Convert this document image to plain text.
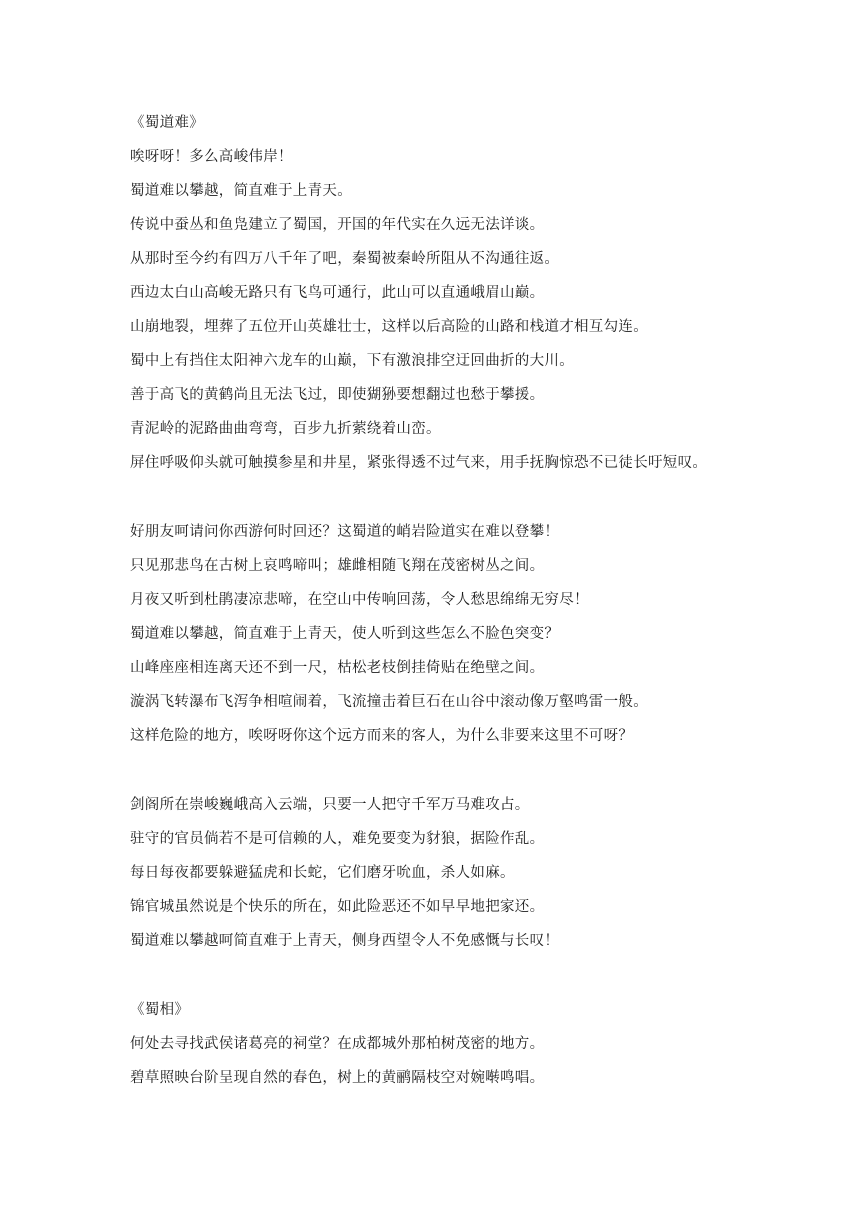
《蜀道难》
唉呀呀！多么高峻伟岸！
蜀道难以攀越，简直难于上青天。
传说中蚕丛和鱼凫建立了蜀国，开国的年代实在久远无法详谈。
从那时至今约有四万八千年了吧，秦蜀被秦岭所阻从不沟通往返。
西边太白山高峻无路只有飞鸟可通行，此山可以直通峨眉山巅。
山崩地裂，埋葬了五位开山英雄壮士，这样以后高险的山路和栈道才相互勾连。
蜀中上有挡住太阳神六龙车的山巅，下有激浪排空迂回曲折的大川。
善于高飞的黄鹤尚且无法飞过，即使猢狲要想翻过也愁于攀援。
青泥岭的泥路曲曲弯弯，百步九折萦绕着山峦。
屏住呼吸仰头就可触摸参星和井星，紧张得透不过气来，用手抚胸惊恐不已徒长吁短叹。
好朋友呵请问你西游何时回还？这蜀道的峭岩险道实在难以登攀！
只见那悲鸟在古树上哀鸣啼叫；雄雌相随飞翔在茂密树丛之间。
月夜又听到杜鹃凄凉悲啼，在空山中传响回荡，令人愁思绵绵无穷尽！
蜀道难以攀越，简直难于上青天，使人听到这些怎么不脸色突变？
山峰座座相连离天还不到一尺，枯松老枝倒挂倚贴在绝壁之间。
漩涡飞转瀑布飞泻争相喧闹着，飞流撞击着巨石在山谷中滚动像万壑鸣雷一般。
这样危险的地方，唉呀呀你这个远方而来的客人，为什么非要来这里不可呀？
剑阁所在崇峻巍峨高入云端，只要一人把守千军万马难攻占。
驻守的官员倘若不是可信赖的人，难免要变为豺狼，据险作乱。
每日每夜都要躲避猛虎和长蛇，它们磨牙吮血，杀人如麻。
锦官城虽然说是个快乐的所在，如此险恶还不如早早地把家还。
蜀道难以攀越呵简直难于上青天，侧身西望令人不免感慨与长叹！
《蜀相》
何处去寻找武侯诸葛亮的祠堂？在成都城外那柏树茂密的地方。
碧草照映台阶呈现自然的春色，树上的黄鹂隔枝空对婉啭鸣唱。
